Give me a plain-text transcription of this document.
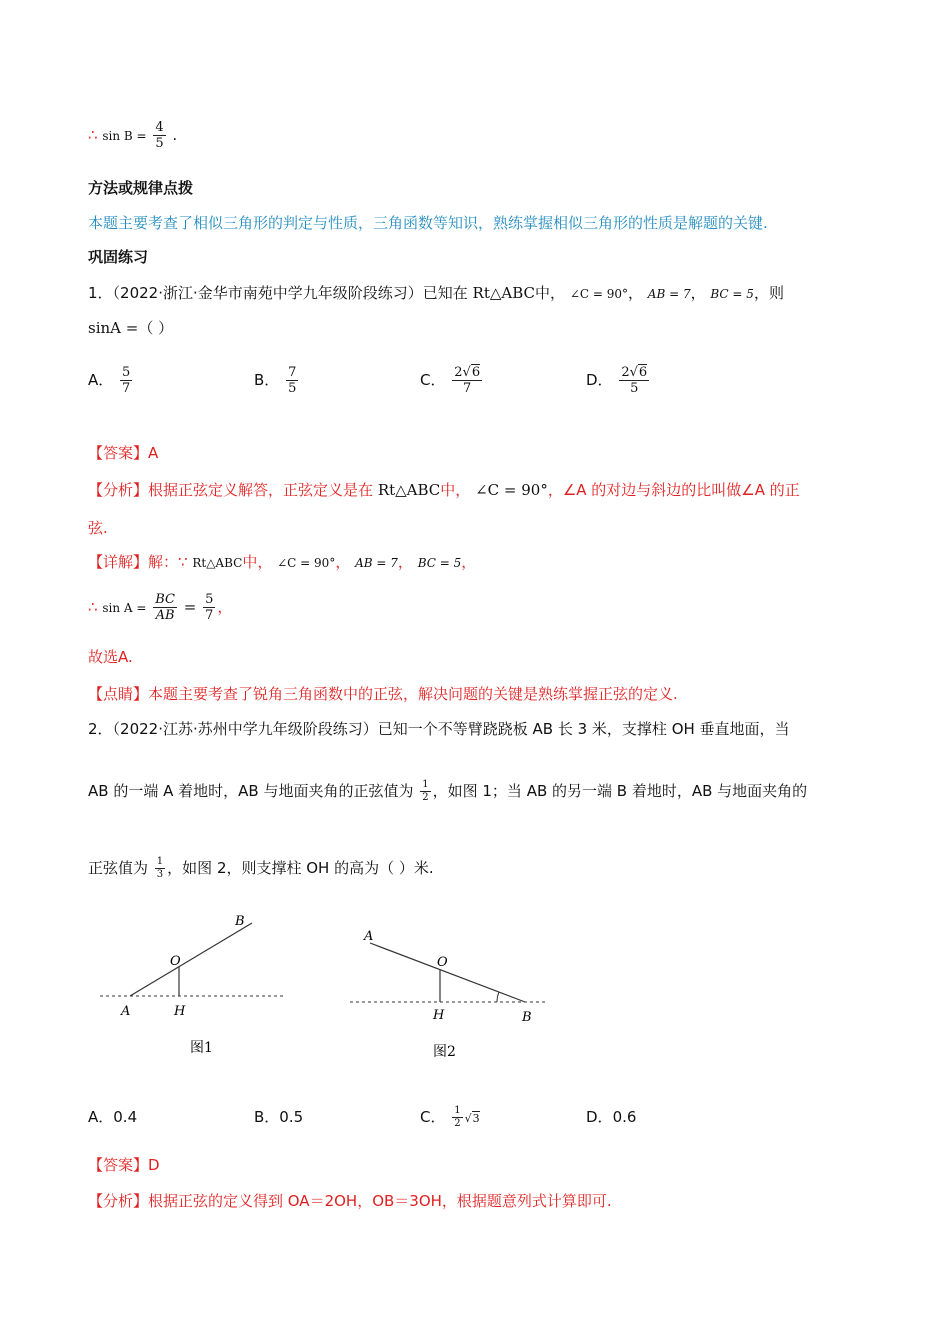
∴ $\sin B = \frac{4}{5}$ .
方法或规律点拨
本题主要考查了相似三角形的判定与性质，三角函数等知识，熟练掌握相似三角形的性质是解题的关键.
巩固练习
1．（2022·浙江·金华市南苑中学九年级阶段练习）已知在 Rt△ABC中， ∠C = 90°， AB = 7， BC = 5，则
sinA =（ ）
A． $\frac{5}{7}$	B． $\frac{7}{5}$	C． $\frac{2√6}{7}$	D． $\frac{2√6}{5}$
【答案】A
【分析】根据正弦定义解答，正弦定义是在 Rt△ABC中， ∠C = 90°，∠A 的对边与斜边的比叫做∠A 的正
弦.
【详解】解：∵ Rt△ABC中， ∠C = 90°， AB = 7， BC = 5，
∴ $\sin A = \frac{BC}{AB} = \frac{5}{7}$ ，
故选A.
【点睛】本题主要考查了锐角三角函数中的正弦，解决问题的关键是熟练掌握正弦的定义.
2．（2022·江苏·苏州中学九年级阶段练习）已知一个不等臂跷跷板 AB 长 3 米，支撑柱 OH 垂直地面，当
AB 的一端 A 着地时，AB 与地面夹角的正弦值为 $\frac{1}{2}$ ，如图 1；当 AB 的另一端 B 着地时，AB 与地面夹角的
正弦值为 $\frac{1}{3}$ ，如图 2，则支撑柱 OH 的高为（ ）米.
B
O
A	H
图1
A
O
H	B
图2
A．0.4	B．0.5	C． $\frac{1}{2} √3$	D．0.6
【答案】D
【分析】根据正弦的定义得到 OA＝2OH，OB＝3OH，根据题意列式计算即可.
